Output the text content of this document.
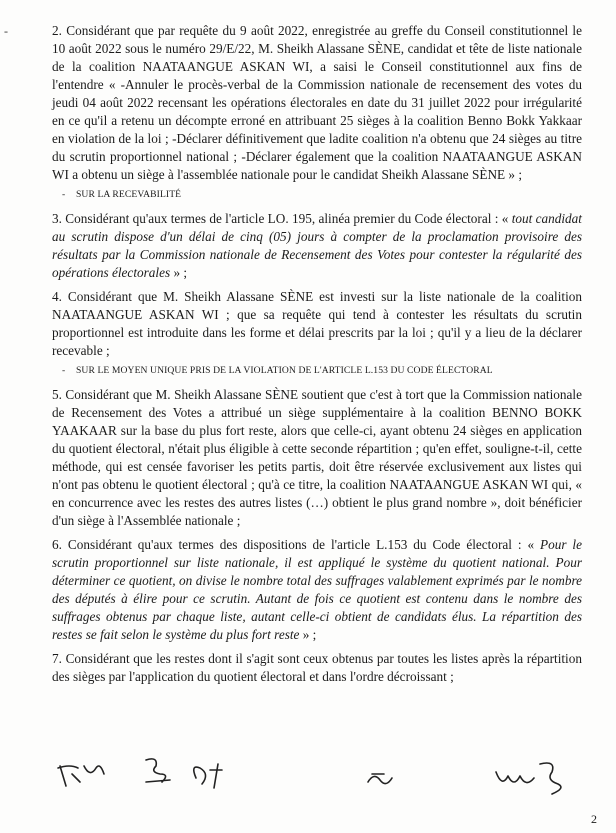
-	2. Considérant que par requête du 9 août 2022, enregistrée au greffe du Conseil constitutionnel le 10 août 2022 sous le numéro 29/E/22, M. Sheikh Alassane SÈNE, candidat et tête de liste nationale de la coalition NAATAANGUE ASKAN WI, a saisi le Conseil constitutionnel aux fins de l'entendre « -Annuler le procès-verbal de la Commission nationale de recensement des votes du jeudi 04 août 2022 recensant les opérations électorales en date du 31 juillet 2022 pour irrégularité en ce qu'il a retenu un décompte erroné en attribuant 25 sièges à la coalition Benno Bokk Yakkaar en violation de la loi ; -Déclarer définitivement que ladite coalition n'a obtenu que 24 sièges au titre du scrutin proportionnel national ; -Déclarer également que la coalition NAATAANGUE ASKAN WI a obtenu un siège à l'assemblée nationale pour le candidat Sheikh Alassane SÈNE » ;

- SUR LA RECEVABILITÉ

3. Considérant qu'aux termes de l'article LO. 195, alinéa premier du Code électoral : « tout candidat au scrutin dispose d'un délai de cinq (05) jours à compter de la proclamation provisoire des résultats par la Commission nationale de Recensement des Votes pour contester la régularité des opérations électorales » ;

4. Considérant que M. Sheikh Alassane SÈNE est investi sur la liste nationale de la coalition NAATAANGUE ASKAN WI ; que sa requête qui tend à contester les résultats du scrutin proportionnel est introduite dans les forme et délai prescrits par la loi ; qu'il y a lieu de la déclarer recevable ;

- SUR LE MOYEN UNIQUE PRIS DE LA VIOLATION DE L'ARTICLE L.153 DU CODE ÉLECTORAL

5. Considérant que M. Sheikh Alassane SÈNE soutient que c'est à tort que la Commission nationale de Recensement des Votes a attribué un siège supplémentaire à la coalition BENNO BOKK YAAKAAR sur la base du plus fort reste, alors que celle-ci, ayant obtenu 24 sièges en application du quotient électoral, n'était plus éligible à cette seconde répartition ; qu'en effet, souligne-t-il, cette méthode, qui est censée favoriser les petits partis, doit être réservée exclusivement aux listes qui n'ont pas obtenu le quotient électoral ; qu'à ce titre, la coalition NAATAANGUE ASKAN WI qui, « en concurrence avec les restes des autres listes (…) obtient le plus grand nombre », doit bénéficier d'un siège à l'Assemblée nationale ;

6. Considérant qu'aux termes des dispositions de l'article L.153 du Code électoral : « Pour le scrutin proportionnel sur liste nationale, il est appliqué le système du quotient national. Pour déterminer ce quotient, on divise le nombre total des suffrages valablement exprimés par le nombre des députés à élire pour ce scrutin. Autant de fois ce quotient est contenu dans le nombre des suffrages obtenus par chaque liste, autant celle-ci obtient de candidats élus. La répartition des restes se fait selon le système du plus fort reste » ;

7. Considérant que les restes dont il s'agit sont ceux obtenus par toutes les listes après la répartition des sièges par l'application du quotient électoral et dans l'ordre décroissant ;

2
